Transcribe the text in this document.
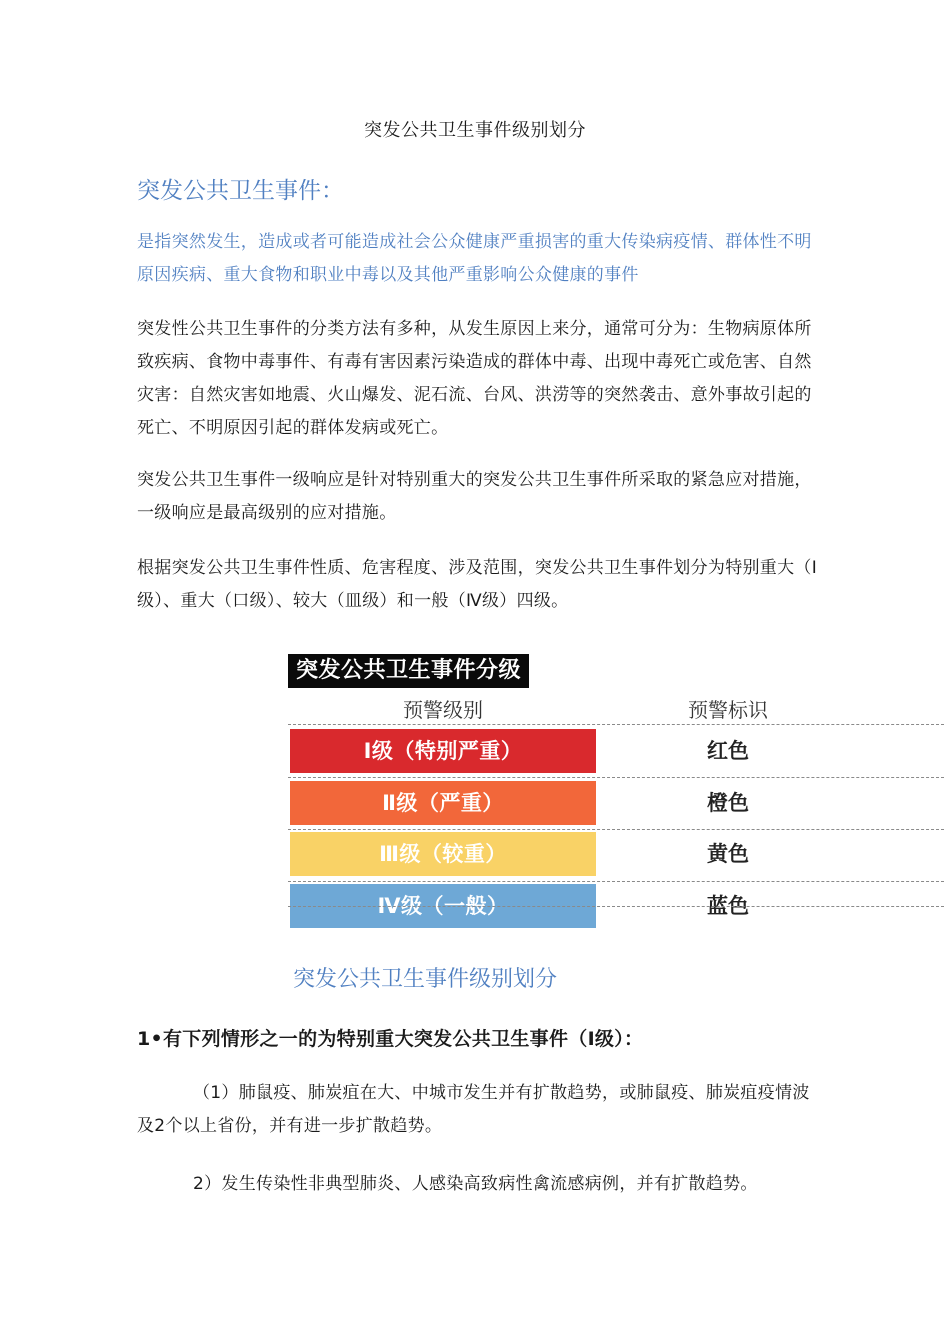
突发公共卫生事件级别划分
突发公共卫生事件：
是指突然发生，造成或者可能造成社会公众健康严重损害的重大传染病疫情、群体性不明原因疾病、重大食物和职业中毒以及其他严重影响公众健康的事件
突发性公共卫生事件的分类方法有多种，从发生原因上来分，通常可分为：生物病原体所致疾病、食物中毒事件、有毒有害因素污染造成的群体中毒、出现中毒死亡或危害、自然灾害：自然灾害如地震、火山爆发、泥石流、台风、洪涝等的突然袭击、意外事故引起的死亡、不明原因引起的群体发病或死亡。
突发公共卫生事件一级响应是针对特别重大的突发公共卫生事件所采取的紧急应对措施，一级响应是最高级别的应对措施。
根据突发公共卫生事件性质、危害程度、涉及范围，突发公共卫生事件划分为特别重大（Ⅰ级）、重大（口级）、较大（皿级）和一般（Ⅳ级）四级。
突发公共卫生事件分级
预警级别	预警标识
Ⅰ级（特别严重）	红色
Ⅱ级（严重）	橙色
Ⅲ级（较重）	黄色
Ⅳ级（一般）	蓝色
突发公共卫生事件级别划分
1•有下列情形之一的为特别重大突发公共卫生事件（Ⅰ级）：
（1）肺鼠疫、肺炭疽在大、中城市发生并有扩散趋势，或肺鼠疫、肺炭疽疫情波及2个以上省份，并有进一步扩散趋势。
2）发生传染性非典型肺炎、人感染高致病性禽流感病例，并有扩散趋势。
